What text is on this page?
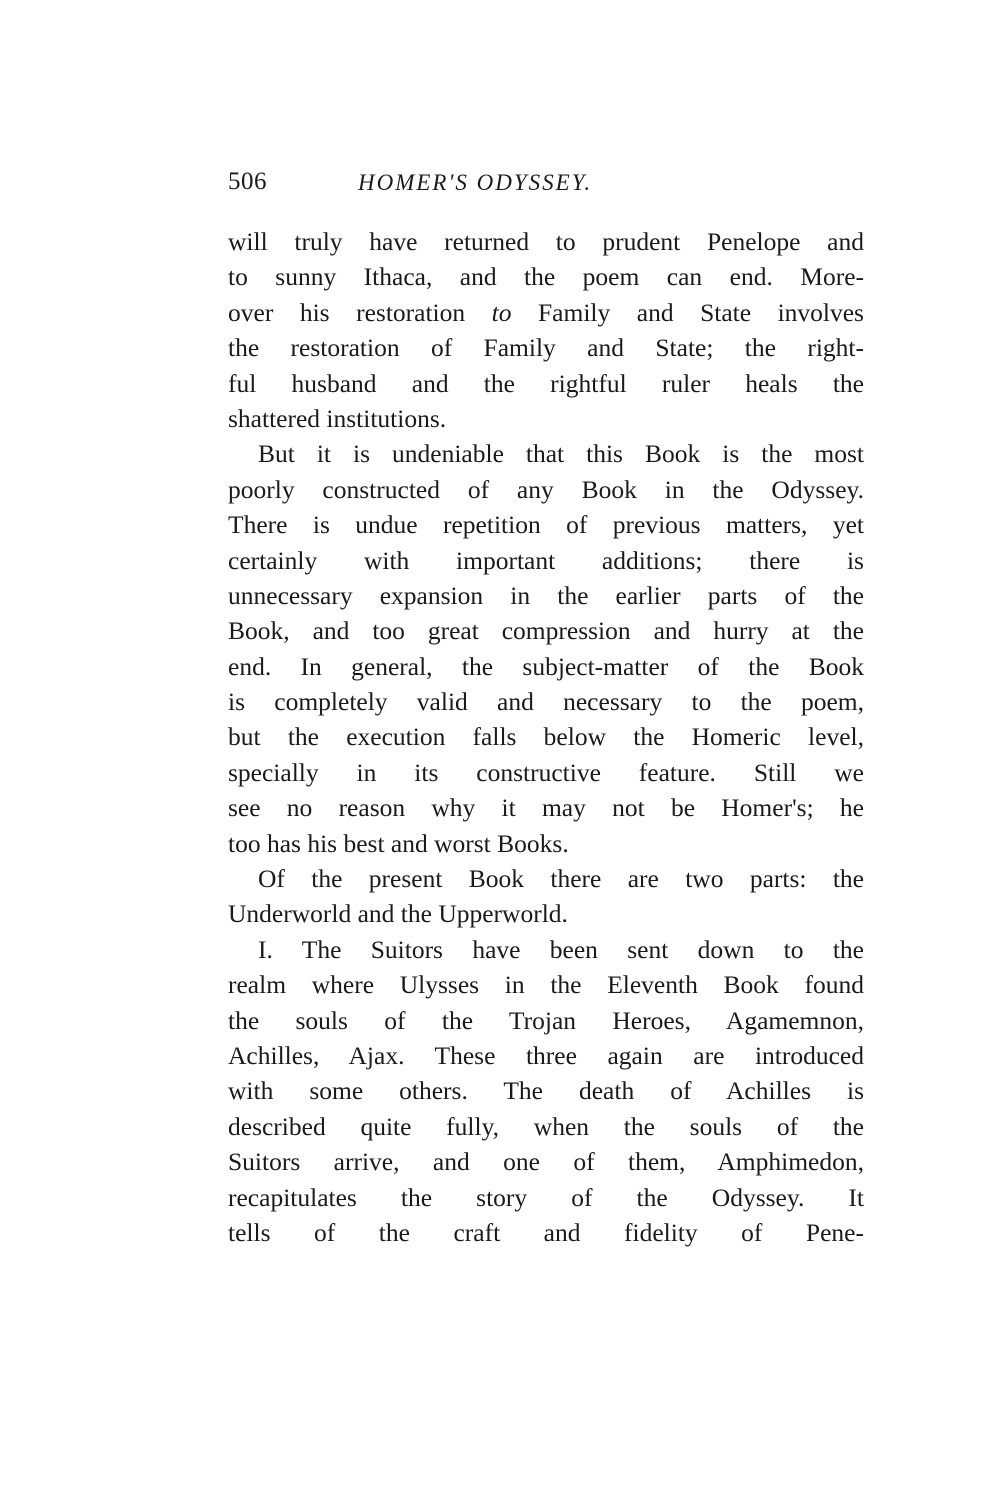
506	HOMER'S ODYSSEY.
will truly have returned to prudent Penelope and
to sunny Ithaca, and the poem can end. More-
over his restoration to Family and State involves
the restoration of Family and State; the right-
ful husband and the rightful ruler heals the
shattered institutions.
But it is undeniable that this Book is the most
poorly constructed of any Book in the Odyssey.
There is undue repetition of previous matters, yet
certainly with important additions; there is
unnecessary expansion in the earlier parts of the
Book, and too great compression and hurry at the
end. In general, the subject-matter of the Book
is completely valid and necessary to the poem,
but the execution falls below the Homeric level,
specially in its constructive feature. Still we
see no reason why it may not be Homer's; he
too has his best and worst Books.
Of the present Book there are two parts: the
Underworld and the Upperworld.
I. The Suitors have been sent down to the
realm where Ulysses in the Eleventh Book found
the souls of the Trojan Heroes, Agamemnon,
Achilles, Ajax. These three again are introduced
with some others. The death of Achilles is
described quite fully, when the souls of the
Suitors arrive, and one of them, Amphimedon,
recapitulates the story of the Odyssey. It
tells of the craft and fidelity of Pene-
